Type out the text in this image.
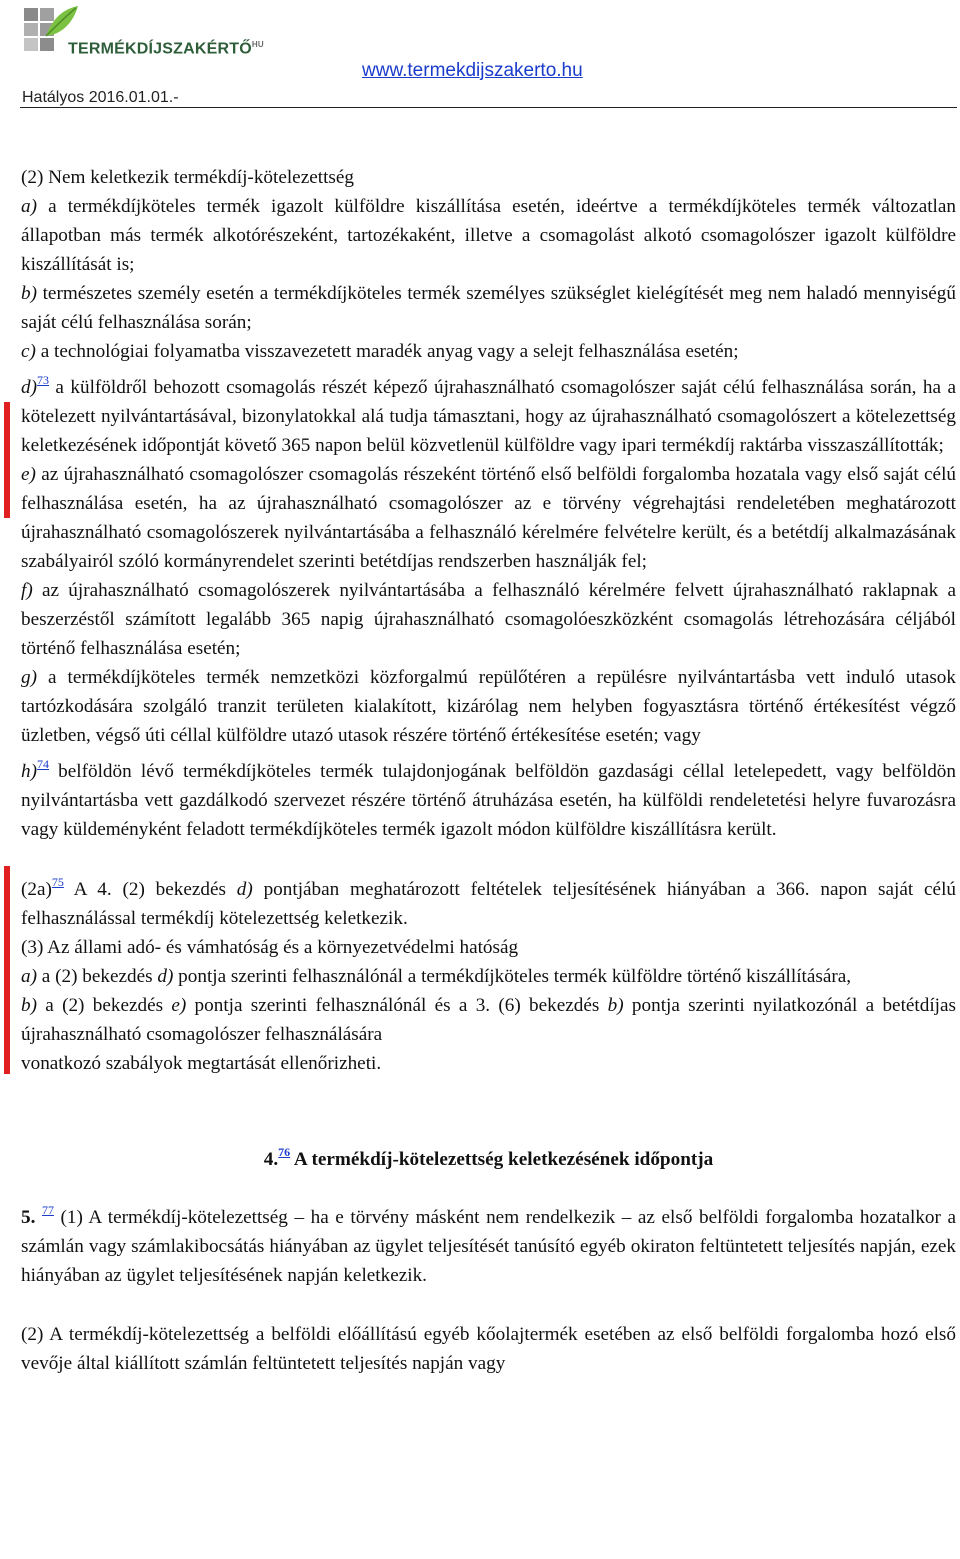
$TERMÉKDÍJSZAKÉRTŐ^{HU}$
www.termekdijszakerto.hu
Hatályos 2016.01.01.-

(2) Nem keletkezik termékdíj-kötelezettség

a) a termékdíjköteles termék igazolt külföldre kiszállítása esetén, ideértve a termékdíjköteles termék változatlan állapotban más termék alkotórészeként, tartozékaként, illetve a csomagolást alkotó csomagolószer igazolt külföldre kiszállítását is;

b) természetes személy esetén a termékdíjköteles termék személyes szükséglet kielégítését meg nem haladó mennyiségű saját célú felhasználása során;

c) a technológiai folyamatba visszavezetett maradék anyag vagy a selejt felhasználása esetén;

d)$^{73}$ a külföldről behozott csomagolás részét képező újrahasználható csomagolószer saját célú felhasználása során, ha a kötelezett nyilvántartásával, bizonylatokkal alá tudja támasztani, hogy az újrahasználható csomagolószert a kötelezettség keletkezésének időpontját követő 365 napon belül közvetlenül külföldre vagy ipari termékdíj raktárba visszaszállították;

e) az újrahasználható csomagolószer csomagolás részeként történő első belföldi forgalomba hozatala vagy első saját célú felhasználása esetén, ha az újrahasználható csomagolószer az e törvény végrehajtási rendeletében meghatározott újrahasználható csomagolószerek nyilvántartásába a felhasználó kérelmére felvételre került, és a betétdíj alkalmazásának szabályairól szóló kormányrendelet szerinti betétdíjas rendszerben használják fel;

f) az újrahasználható csomagolószerek nyilvántartásába a felhasználó kérelmére felvett újrahasználható raklapnak a beszerzéstől számított legalább 365 napig újrahasználható csomagolóeszközként csomagolás létrehozására céljából történő felhasználása esetén;

g) a termékdíjköteles termék nemzetközi közforgalmú repülőtéren a repülésre nyilvántartásba vett induló utasok tartózkodására szolgáló tranzit területen kialakított, kizárólag nem helyben fogyasztásra történő értékesítést végző üzletben, végső úti céllal külföldre utazó utasok részére történő értékesítése esetén; vagy

h)$^{74}$ belföldön lévő termékdíjköteles termék tulajdonjogának belföldön gazdasági céllal letelepedett, vagy belföldön nyilvántartásba vett gazdálkodó szervezet részére történő átruházása esetén, ha külföldi rendeletetési helyre fuvarozásra vagy küldeményként feladott termékdíjköteles termék igazolt módon külföldre kiszállításra került.

(2a)$^{75}$ A 4. (2) bekezdés d) pontjában meghatározott feltételek teljesítésének hiányában a 366. napon saját célú felhasználással termékdíj kötelezettség keletkezik.

(3) Az állami adó- és vámhatóság és a környezetvédelmi hatóság

a) a (2) bekezdés d) pontja szerinti felhasználónál a termékdíjköteles termék külföldre történő kiszállítására,

b) a (2) bekezdés e) pontja szerinti felhasználónál és a 3. (6) bekezdés b) pontja szerinti nyilatkozónál a betétdíjas újrahasználható csomagolószer felhasználására

vonatkozó szabályok megtartását ellenőrizheti.

4.76 A termékdíj-kötelezettség keletkezésének időpontja

5. $^{77}$ (1) A termékdíj-kötelezettség – ha e törvény másként nem rendelkezik – az első belföldi forgalomba hozatalkor a számlán vagy számlakibocsátás hiányában az ügylet teljesítését tanúsító egyéb okiraton feltüntetett teljesítés napján, ezek hiányában az ügylet teljesítésének napján keletkezik.

(2) A termékdíj-kötelezettség a belföldi előállítású egyéb kőolajtermék esetében az első belföldi forgalomba hozó első vevője által kiállított számlán feltüntetett teljesítés napján vagy
